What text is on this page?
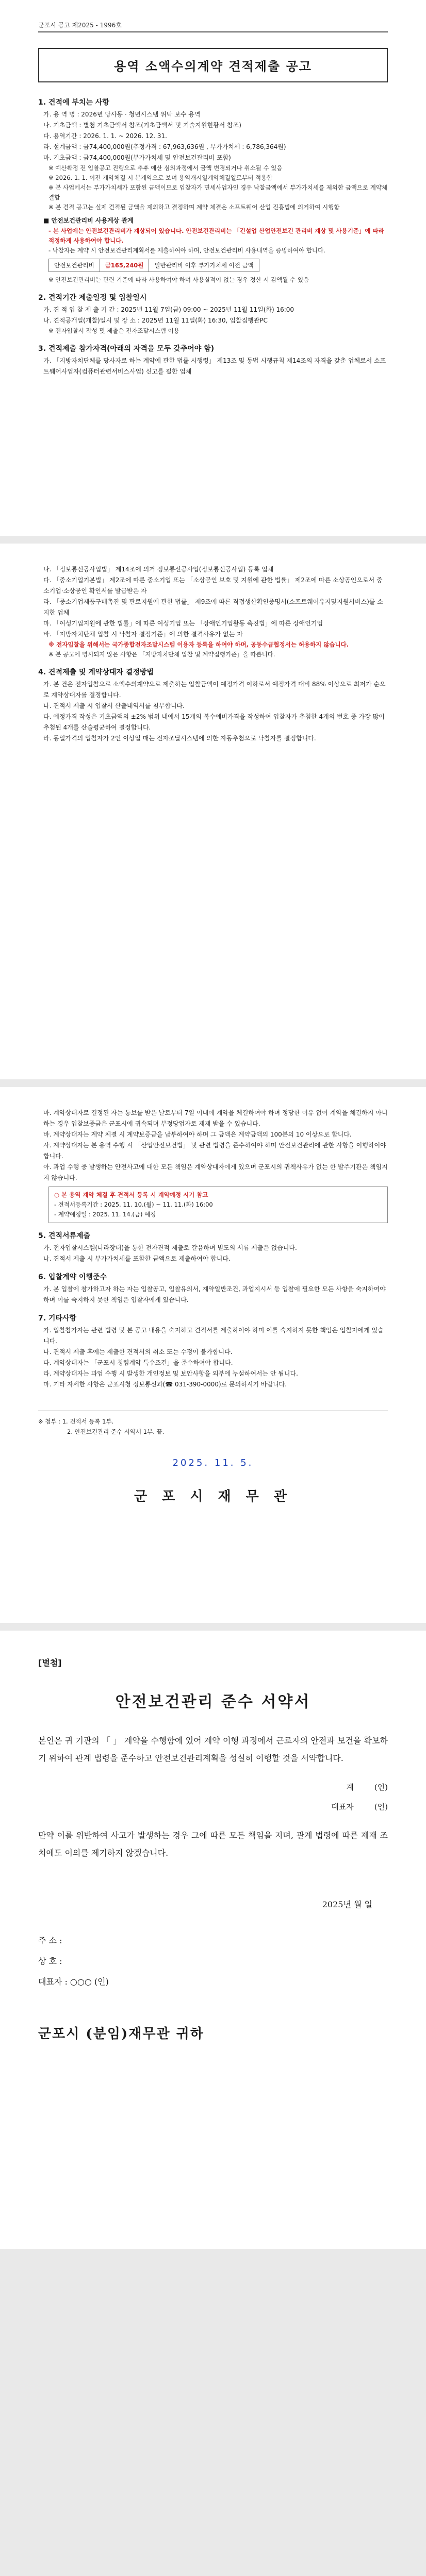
군포시 공고 제2025 - 1996호
용역 소액수의계약 견적제출 공고
1. 견적에 부치는 사항
가. 용 역 명 : 2026년 당사동 · 청년시스템 위탁 보수 용역
나. 기초금액 : 별첨 기초금액서 참조(기초금액서 및 기술지원현황서 참조)
다. 용역기간 : 2026. 1. 1. ~ 2026. 12. 31.
라. 설계금액 : 금74,400,000원(추정가격 : 67,963,636원 , 부가가치세 : 6,786,364원)
마. 기초금액 : 금74,400,000원(부가가치세 및 안전보건관리비 포함)
※ 예산확정 전 입찰공고 진행으로 추후 예산 심의과정에서 금액 변경되거나 취소될 수 있음
※ 2026. 1. 1. 이전 계약체결 시 본계약으로 보며 용역개시일계약체결일로부터 적용함
※ 본 사업에서는 부가가치세가 포함된 금액이므로 입찰자가 면세사업자인 경우 낙찰금액에서 부가가치세를 제외한 금액으로 계약체결함
※ 본 견적 공고는 실제 견적된 금액을 제외하고 결정하며 계약 체결은 소프트웨어 산업 진흥법에 의거하여 시행함
■ 안전보건관리비 사용계상 관계
- 본 사업에는 안전보건관리비가 계상되어 있습니다. 안전보건관리비는 「건설업 산업안전보건 관리비 계상 및 사용기준」에 따라 적정하게 사용하여야 합니다.
- 낙찰자는 계약 시 안전보건관리계획서를 제출하여야 하며, 안전보건관리비 사용내역을 증빙하여야 합니다.
안전보건관리비	금165,240원	일반관리비 이후 부가가치세 이전 금액
※ 안전보건관리비는 관련 기준에 따라 사용하여야 하며 사용실적이 없는 경우 정산 시 감액될 수 있음
2. 견적기간 제출일정 및 입찰일시
가. 견 적 입 찰 제 출 기 간 : 2025년 11월 7일(금) 09:00 ~ 2025년 11월 11일(화) 16:00
나. 견적공개일(개찰)일시 및 장 소 : 2025년 11월 11일(화) 16:30, 입찰집행관PC
※ 전자입찰서 작성 및 제출은 전자조달시스템 이용
3. 견적제출 참가자격(아래의 자격을 모두 갖추어야 함)
가. 「지방자치단체를 당사자로 하는 계약에 관한 법률 시행령」 제13조 및 동법 시행규칙 제14조의 자격을 갖춘 업체로서 소프트웨어사업자(컴퓨터관련서비스사업) 신고를 필한 업체
나. 「정보통신공사업법」 제14조에 의거 정보통신공사업(정보통신공사업) 등록 업체
다. 「중소기업기본법」 제2조에 따른 중소기업 또는 「소상공인 보호 및 지원에 관한 법률」 제2조에 따른 소상공인으로서 중소기업·소상공인 확인서를 발급받은 자
라. 「중소기업제품구매촉진 및 판로지원에 관한 법률」 제9조에 따른 직접생산확인증명서(소프트웨어유지및지원서비스)를 소지한 업체
마. 「여성기업지원에 관한 법률」에 따른 여성기업 또는 「장애인기업활동 촉진법」에 따른 장애인기업
바. 「지방자치단체 입찰 시 낙찰자 결정기준」에 의한 결격사유가 없는 자
※ 전자입찰을 위해서는 국가종합전자조달시스템 이용자 등록을 하여야 하며, 공동수급협정서는 허용하지 않습니다.
※ 본 공고에 명시되지 않은 사항은 「지방자치단체 입찰 및 계약집행기준」을 따릅니다.
4. 견적제출 및 계약상대자 결정방법
가. 본 건은 전자입찰으로 소액수의계약으로 제출하는 입찰금액이 예정가격 이하로서 예정가격 대비 88% 이상으로 최저가 순으로 계약상대자를 결정합니다.
나. 견적서 제출 시 입찰서 산출내역서를 첨부합니다.
다. 예정가격 작성은 기초금액의 ±2% 범위 내에서 15개의 복수예비가격을 작성하여 입찰자가 추첨한 4개의 번호 중 가장 많이 추첨된 4개를 산술평균하여 결정합니다.
라. 동일가격의 입찰자가 2인 이상일 때는 전자조달시스템에 의한 자동추첨으로 낙찰자를 결정합니다.
마. 계약상대자로 결정된 자는 통보를 받은 날로부터 7일 이내에 계약을 체결하여야 하며 정당한 이유 없이 계약을 체결하지 아니하는 경우 입찰보증금은 군포시에 귀속되며 부정당업자로 제재 받을 수 있습니다.
바. 계약상대자는 계약 체결 시 계약보증금을 납부하여야 하며 그 금액은 계약금액의 100분의 10 이상으로 합니다.
사. 계약상대자는 본 용역 수행 시 「산업안전보건법」 및 관련 법령을 준수하여야 하며 안전보건관리에 관한 사항을 이행하여야 합니다.
아. 과업 수행 중 발생하는 안전사고에 대한 모든 책임은 계약상대자에게 있으며 군포시의 귀책사유가 없는 한 발주기관은 책임지지 않습니다.
○ 본 용역 계약 체결 후 견적서 등록 시 계약예정 시기 참고
- 견적서등록기간 : 2025. 11. 10.(월) ~ 11. 11.(화) 16:00
- 계약예정일 : 2025. 11. 14.(금) 예정
5. 견적서류제출
가. 전자입찰시스템(나라장터)을 통한 전자견적 제출로 갈음하며 별도의 서류 제출은 없습니다.
나. 견적서 제출 시 부가가치세를 포함한 금액으로 제출하여야 합니다.
6. 입찰계약 이행준수
가. 본 입찰에 참가하고자 하는 자는 입찰공고, 입찰유의서, 계약일반조건, 과업지시서 등 입찰에 필요한 모든 사항을 숙지하여야 하며 이를 숙지하지 못한 책임은 입찰자에게 있습니다.
7. 기타사항
가. 입찰참가자는 관련 법령 및 본 공고 내용을 숙지하고 견적서를 제출하여야 하며 이를 숙지하지 못한 책임은 입찰자에게 있습니다.
나. 견적서 제출 후에는 제출한 견적서의 취소 또는 수정이 불가합니다.
다. 계약상대자는 「군포시 청렴계약 특수조건」을 준수하여야 합니다.
라. 계약상대자는 과업 수행 시 발생한 개인정보 및 보안사항을 외부에 누설하여서는 안 됩니다.
마. 기타 자세한 사항은 군포시청 정보통신과(☎ 031-390-0000)로 문의하시기 바랍니다.
※ 첨부 : 1. 견적서 등록 1부.
2. 안전보건관리 준수 서약서 1부. 끝.
2025. 11. 5.
군 포 시 재 무 관
[별첨]
안전보건관리 준수 서약서
본인은 귀 기관의 「 」 계약을 수행함에 있어 계약 이행 과정에서 근로자의 안전과 보건을 확보하기 위하여 관계 법령을 준수하고 안전보건관리계획을 성실히 이행할 것을 서약합니다.
계	(인)
대표자	(인)
만약 이를 위반하여 사고가 발생하는 경우 그에 따른 모든 책임을 지며, 관계 법령에 따른 제재 조치에도 이의를 제기하지 않겠습니다.
2025년 월 일
주 소 :
상 호 :
대표자 : ○○○ (인)
군포시 (분임)재무관 귀하
